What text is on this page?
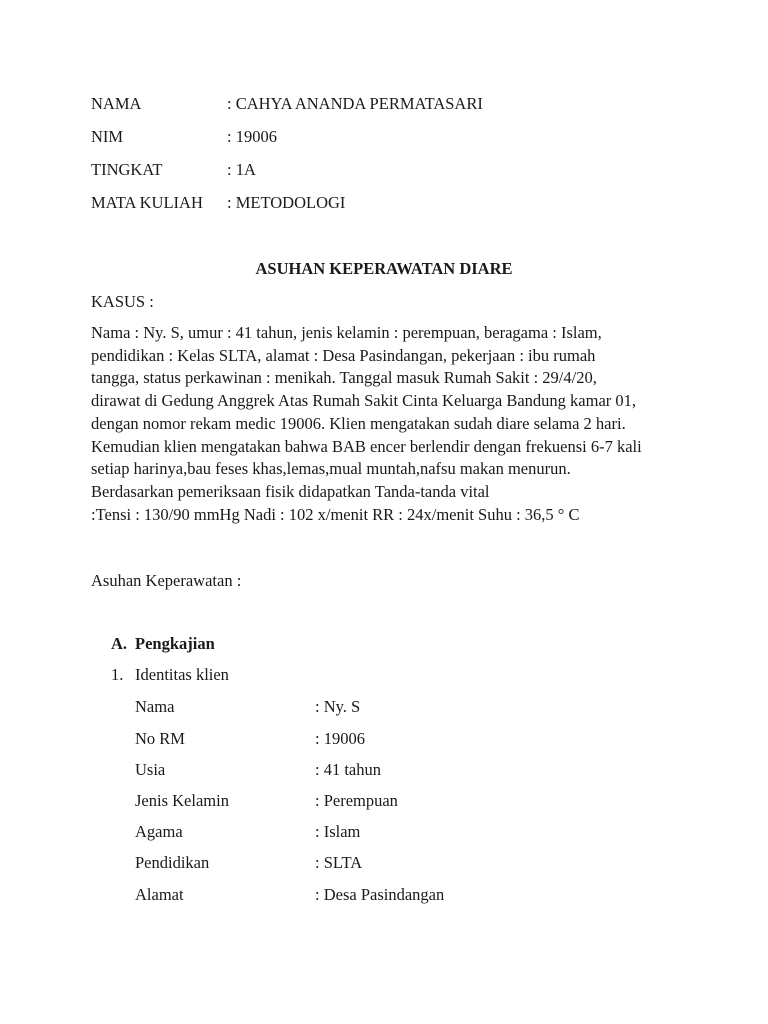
NAMA	: CAHYA ANANDA PERMATASARI
NIM	: 19006
TINGKAT	: 1A
MATA KULIAH	: METODOLOGI
ASUHAN KEPERAWATAN DIARE
KASUS :
Nama : Ny. S, umur : 41 tahun, jenis kelamin : perempuan, beragama : Islam,
pendidikan : Kelas SLTA, alamat : Desa Pasindangan, pekerjaan : ibu rumah
tangga, status perkawinan : menikah. Tanggal masuk Rumah Sakit : 29/4/20,
dirawat di Gedung Anggrek Atas Rumah Sakit Cinta Keluarga Bandung kamar 01,
dengan nomor rekam medic 19006. Klien mengatakan sudah diare selama 2 hari.
Kemudian klien mengatakan bahwa BAB encer berlendir dengan frekuensi 6-7 kali
setiap harinya,bau feses khas,lemas,mual muntah,nafsu makan menurun.
Berdasarkan pemeriksaan fisik didapatkan Tanda-tanda vital
:Tensi : 130/90 mmHg Nadi : 102 x/menit RR : 24x/menit Suhu : 36,5 ° C
Asuhan Keperawatan :
A. Pengkajian
1. Identitas klien
Nama	: Ny. S
No RM	: 19006
Usia	: 41 tahun
Jenis Kelamin	: Perempuan
Agama	: Islam
Pendidikan	: SLTA
Alamat	: Desa Pasindangan
